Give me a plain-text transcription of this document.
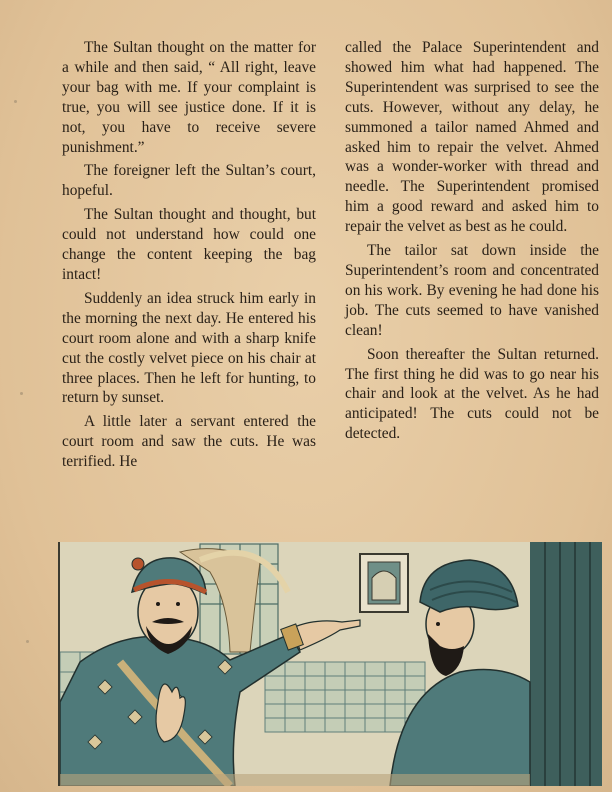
The Sultan thought on the matter for a while and then said, “ All right, leave your bag with me. If your complaint is true, you will see justice done. If it is not, you have to receive severe punishment.”

The foreigner left the Sultan’s court, hopeful.

The Sultan thought and thought, but could not understand how could one change the content keeping the bag intact!

Suddenly an idea struck him early in the morning the next day. He entered his court room alone and with a sharp knife cut the costly velvet piece on his chair at three places. Then he left for hunting, to return by sunset.

A little later a servant entered the court room and saw the cuts. He was terrified. He

called the Palace Superintendent and showed him what had happened. The Superintendent was surprised to see the cuts. However, without any delay, he summoned a tailor named Ahmed and asked him to repair the velvet. Ahmed was a wonder-worker with thread and needle. The Superintendent promised him a good reward and asked him to repair the velvet as best as he could.

The tailor sat down inside the Superintendent’s room and concentrated on his work. By evening he had done his job. The cuts seemed to have vanished clean!

Soon thereafter the Sultan returned. The first thing he did was to go near his chair and look at the velvet. As he had anticipated! The cuts could not be detected.
